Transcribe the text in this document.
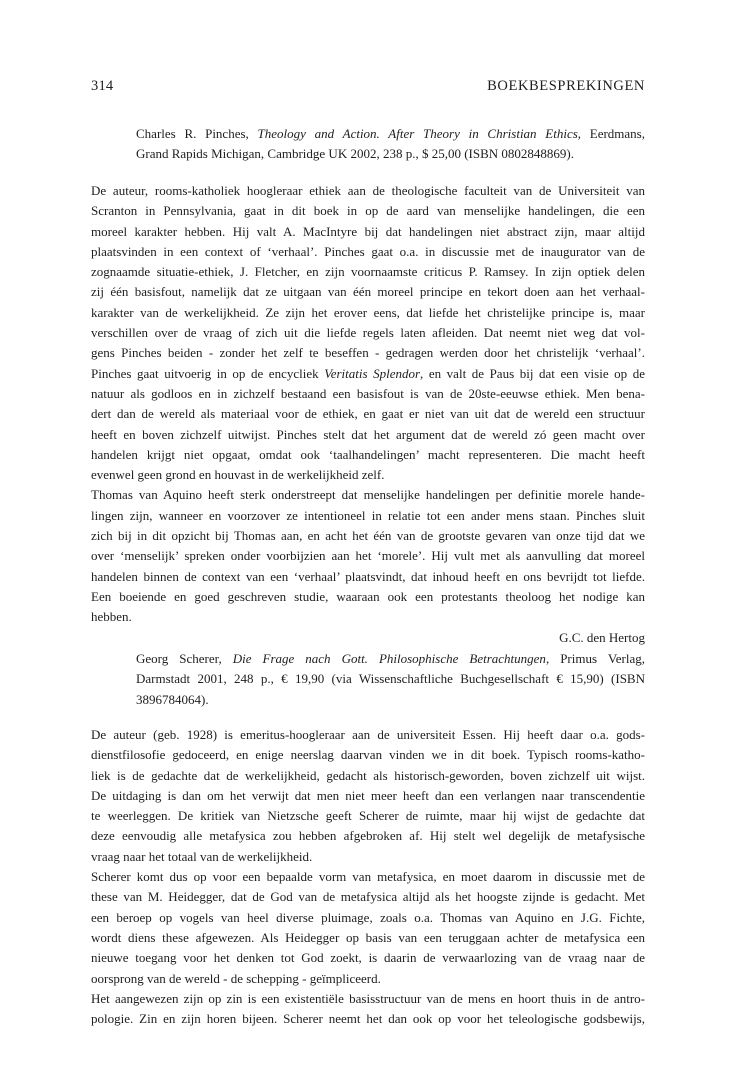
314	BOEKBESPREKINGEN
Charles R. Pinches, Theology and Action. After Theory in Christian Ethics, Eerdmans,
Grand Rapids Michigan, Cambridge UK 2002, 238 p., $ 25,00 (ISBN 0802848869).

De auteur, rooms-katholiek hoogleraar ethiek aan de theologische faculteit van de Universiteit van
Scranton in Pennsylvania, gaat in dit boek in op de aard van menselijke handelingen, die een
moreel karakter hebben. Hij valt A. MacIntyre bij dat handelingen niet abstract zijn, maar altijd
plaatsvinden in een context of ‘verhaal’. Pinches gaat o.a. in discussie met de inaugurator van de
zognaamde situatie-ethiek, J. Fletcher, en zijn voornaamste criticus P. Ramsey. In zijn optiek delen
zij één basisfout, namelijk dat ze uitgaan van één moreel principe en tekort doen aan het verhaal-
karakter van de werkelijkheid. Ze zijn het erover eens, dat liefde het christelijke principe is, maar
verschillen over de vraag of zich uit die liefde regels laten afleiden. Dat neemt niet weg dat vol-
gens Pinches beiden - zonder het zelf te beseffen - gedragen werden door het christelijk ‘verhaal’.
Pinches gaat uitvoerig in op de encycliek Veritatis Splendor, en valt de Paus bij dat een visie op de
natuur als godloos en in zichzelf bestaand een basisfout is van de 20ste-eeuwse ethiek. Men bena-
dert dan de wereld als materiaal voor de ethiek, en gaat er niet van uit dat de wereld een structuur
heeft en boven zichzelf uitwijst. Pinches stelt dat het argument dat de wereld zó geen macht over
handelen krijgt niet opgaat, omdat ook ‘taalhandelingen’ macht representeren. Die macht heeft
evenwel geen grond en houvast in de werkelijkheid zelf.

Thomas van Aquino heeft sterk onderstreept dat menselijke handelingen per definitie morele hande-
lingen zijn, wanneer en voorzover ze intentioneel in relatie tot een ander mens staan. Pinches sluit
zich bij in dit opzicht bij Thomas aan, en acht het één van de grootste gevaren van onze tijd dat we
over ‘menselijk’ spreken onder voorbijzien aan het ‘morele’. Hij vult met als aanvulling dat moreel
handelen binnen de context van een ‘verhaal’ plaatsvindt, dat inhoud heeft en ons bevrijdt tot liefde.
Een boeiende en goed geschreven studie, waaraan ook een protestants theoloog het nodige kan
hebben.

G.C. den Hertog

Georg Scherer, Die Frage nach Gott. Philosophische Betrachtungen, Primus Verlag,
Darmstadt 2001, 248 p., € 19,90 (via Wissenschaftliche Buchgesellschaft € 15,90) (ISBN
3896784064).

De auteur (geb. 1928) is emeritus-hoogleraar aan de universiteit Essen. Hij heeft daar o.a. gods-
dienstfilosofie gedoceerd, en enige neerslag daarvan vinden we in dit boek. Typisch rooms-katho-
liek is de gedachte dat de werkelijkheid, gedacht als historisch-geworden, boven zichzelf uit wijst.
De uitdaging is dan om het verwijt dat men niet meer heeft dan een verlangen naar transcendentie
te weerleggen. De kritiek van Nietzsche geeft Scherer de ruimte, maar hij wijst de gedachte dat
deze eenvoudig alle metafysica zou hebben afgebroken af. Hij stelt wel degelijk de metafysische
vraag naar het totaal van de werkelijkheid.

Scherer komt dus op voor een bepaalde vorm van metafysica, en moet daarom in discussie met de
these van M. Heidegger, dat de God van de metafysica altijd als het hoogste zijnde is gedacht. Met
een beroep op vogels van heel diverse pluimage, zoals o.a. Thomas van Aquino en J.G. Fichte,
wordt diens these afgewezen. Als Heidegger op basis van een teruggaan achter de metafysica een
nieuwe toegang voor het denken tot God zoekt, is daarin de verwaarlozing van de vraag naar de
oorsprong van de wereld - de schepping - geïmpliceerd.

Het aangewezen zijn op zin is een existentiële basisstructuur van de mens en hoort thuis in de antro-
pologie. Zin en zijn horen bijeen. Scherer neemt het dan ook op voor het teleologische godsbewijs,
